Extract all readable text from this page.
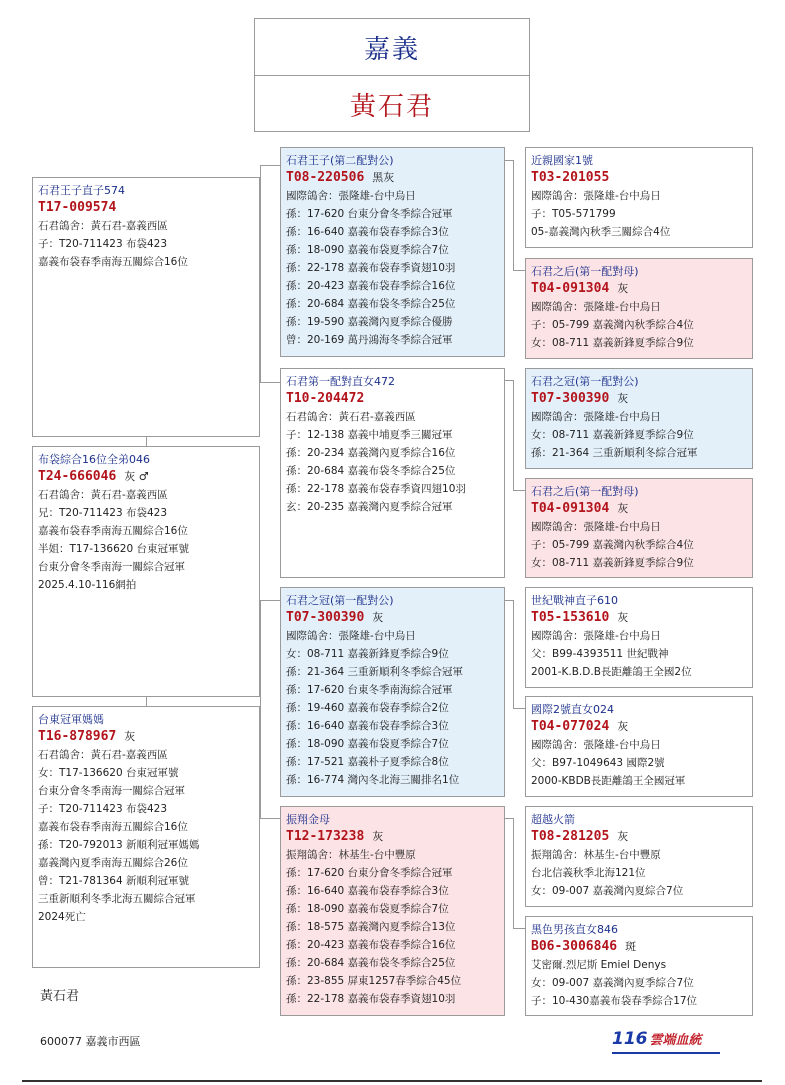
嘉義
黃石君
石君王子直子574
T17-009574
石君鴿舍：黃石君-嘉義西區
子：T20-711423 布袋423
嘉義布袋春季南海五關綜合16位
布袋綜合16位全弟046
T24-666046 灰 ♂
石君鴿舍：黃石君-嘉義西區
兄：T20-711423 布袋423
嘉義布袋春季南海五關綜合16位
半姐：T17-136620 台東冠軍號
台東分會冬季南海一關綜合冠軍
2025.4.10-116網拍
台東冠軍媽媽
T16-878967 灰
石君鴿舍：黃石君-嘉義西區
女：T17-136620 台東冠軍號
台東分會冬季南海一關綜合冠軍
子：T20-711423 布袋423
嘉義布袋春季南海五關綜合16位
孫：T20-792013 新順利冠軍媽媽
嘉義灣內夏季南海五關綜合26位
曾：T21-781364 新順利冠軍號
三重新順利冬季北海五關綜合冠軍
2024死亡
石君王子(第二配對公)
T08-220506 黑灰
國際鴿舍：張隆雄-台中烏日
孫：17-620 台東分會冬季綜合冠軍
孫：16-640 嘉義布袋春季綜合3位
孫：18-090 嘉義布袋夏季綜合7位
孫：22-178 嘉義布袋春季資翅10羽
孫：20-423 嘉義布袋春季綜合16位
孫：20-684 嘉義布袋冬季綜合25位
孫：19-590 嘉義灣內夏季綜合優勝
曾：20-169 萬丹鴻海冬季綜合冠軍
石君第一配對直女472
T10-204472
石君鴿舍：黃石君-嘉義西區
子：12-138 嘉義中埔夏季三關冠軍
孫：20-234 嘉義灣內夏季綜合16位
孫：20-684 嘉義布袋冬季綜合25位
孫：22-178 嘉義布袋春季資四翅10羽
玄：20-235 嘉義灣內夏季綜合冠軍
石君之冠(第一配對公)
T07-300390 灰
國際鴿舍：張隆雄-台中烏日
女：08-711 嘉義新鋒夏季綜合9位
孫：21-364 三重新順利冬季綜合冠軍
孫：17-620 台東冬季南海綜合冠軍
孫：19-460 嘉義布袋春季綜合2位
孫：16-640 嘉義布袋春季綜合3位
孫：18-090 嘉義布袋夏季綜合7位
孫：17-521 嘉義朴子夏季綜合8位
孫：16-774 灣內冬北海三關排名1位
振翔金母
T12-173238 灰
振翔鴿舍：林基生-台中豐原
孫：17-620 台東分會冬季綜合冠軍
孫：16-640 嘉義布袋春季綜合3位
孫：18-090 嘉義布袋夏季綜合7位
孫：18-575 嘉義灣內夏季綜合13位
孫：20-423 嘉義布袋春季綜合16位
孫：20-684 嘉義布袋冬季綜合25位
孫：23-855 屏東1257春季綜合45位
孫：22-178 嘉義布袋春季資翅10羽
近親國家1號
T03-201055
國際鴿舍：張隆雄-台中烏日
子：T05-571799
05-嘉義灣內秋季三關綜合4位
石君之后(第一配對母)
T04-091304 灰
國際鴿舍：張隆雄-台中烏日
子：05-799 嘉義灣內秋季綜合4位
女：08-711 嘉義新鋒夏季綜合9位
石君之冠(第一配對公)
T07-300390 灰
國際鴿舍：張隆雄-台中烏日
女：08-711 嘉義新鋒夏季綜合9位
孫：21-364 三重新順利冬綜合冠軍
石君之后(第一配對母)
T04-091304 灰
國際鴿舍：張隆雄-台中烏日
子：05-799 嘉義灣內秋季綜合4位
女：08-711 嘉義新鋒夏季綜合9位
世紀戰神直子610
T05-153610 灰
國際鴿舍：張隆雄-台中烏日
父：B99-4393511 世紀戰神
2001-K.B.D.B長距離鴿王全國2位
國際2號直女024
T04-077024 灰
國際鴿舍：張隆雄-台中烏日
父：B97-1049643 國際2號
2000-KBDB長距離鴿王全國冠軍
超越火箭
T08-281205 灰
振翔鴿舍：林基生-台中豐原
台北信義秋季北海121位
女：09-007 嘉義灣內夏綜合7位
黑色男孩直女846
B06-3006846 斑
艾密爾.烈尼斯 Emiel Denys
女：09-007 嘉義灣內夏季綜合7位
子：10-430嘉義布袋春季綜合17位
黃石君
600077 嘉義市西區	116 雲端血統
